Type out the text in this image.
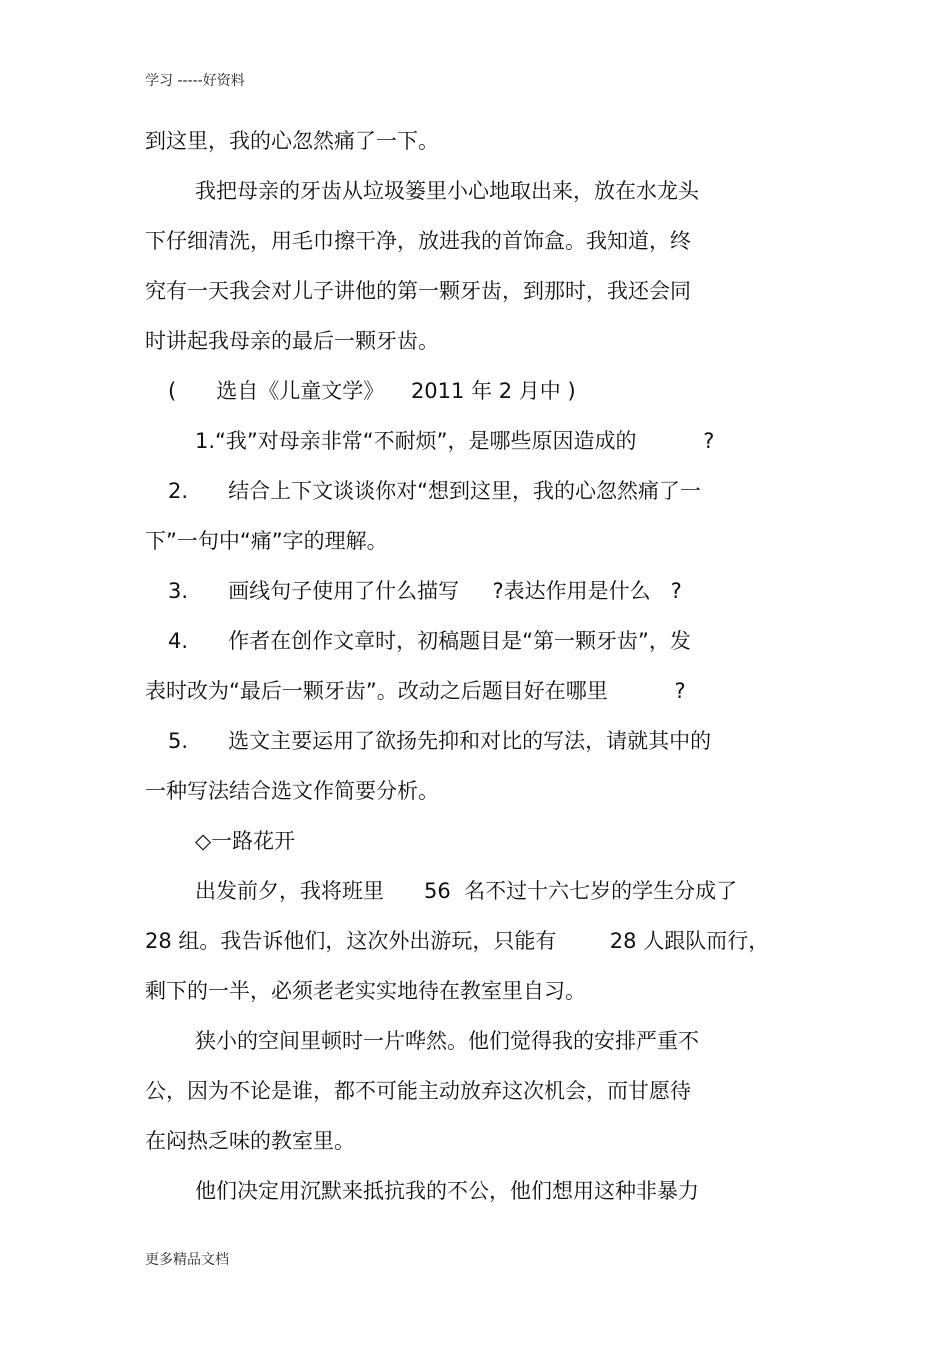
学习 -----好资料
到这里，我的心忽然痛了一下。
我把母亲的牙齿从垃圾篓里小心地取出来，放在水龙头
下仔细清洗，用毛巾擦干净，放进我的首饰盒。我知道，终
究有一天我会对儿子讲他的第一颗牙齿，到那时，我还会同
时讲起我母亲的最后一颗牙齿。
(      选自《儿童文学》    2011 年 2 月中 )
1.“我”对母亲非常“不耐烦”，是哪些原因造成的          ?
2.      结合上下文谈谈你对“想到这里，我的心忽然痛了一
下”一句中“痛”字的理解。
3.      画线句子使用了什么描写     ?表达作用是什么   ?
4.      作者在创作文章时，初稿题目是“第一颗牙齿”，发
表时改为“最后一颗牙齿”。改动之后题目好在哪里          ?
5.      选文主要运用了欲扬先抑和对比的写法，请就其中的
一种写法结合选文作简要分析。
◇一路花开
出发前夕，我将班里      56  名不过十六七岁的学生分成了
28 组。我告诉他们，这次外出游玩，只能有        28 人跟队而行，
剩下的一半，必须老老实实地待在教室里自习。
狭小的空间里顿时一片哗然。他们觉得我的安排严重不
公，因为不论是谁，都不可能主动放弃这次机会，而甘愿待
在闷热乏味的教室里。
他们决定用沉默来抵抗我的不公，他们想用这种非暴力
更多精品文档
